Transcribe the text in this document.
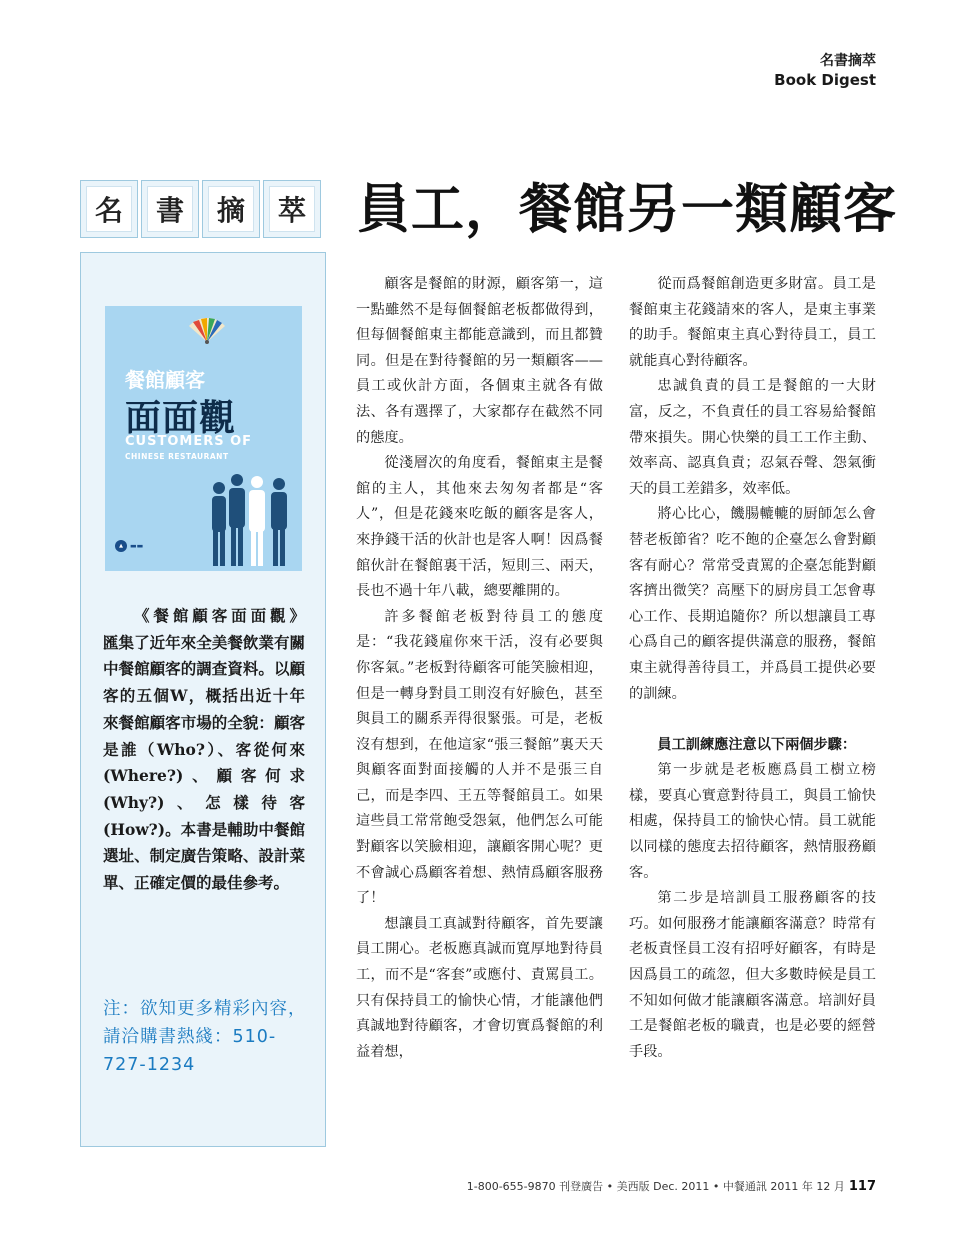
名書摘萃
Book Digest
名	書	摘	萃 員工，餐館另一類顧客
餐館顧客
面面觀
CUSTOMERS OF
CHINESE RESTAURANT
▲	▬▬
《餐館顧客面面觀》
匯集了近年來全美餐飲業有關中餐館顧客的調查資料。以顧客的五個W，概括出近十年來餐館顧客市場的全貌：顧客是誰（Who?）、客從何來(Where?)、顧客何求(Why?)、怎樣待客(How?)。本書是輔助中餐館選址、制定廣告策略、設計菜單、正確定價的最佳參考。
注：欲知更多精彩內容，請洽購書熱綫：510-727-1234

顧客是餐館的財源，顧客第一，這一點雖然不是每個餐館老板都做得到，但每個餐館東主都能意識到，而且都贊同。但是在對待餐館的另一類顧客——員工或伙計方面，各個東主就各有做法、各有選擇了，大家都存在截然不同的態度。

從淺層次的角度看，餐館東主是餐館的主人，其他來去匆匆者都是“客人”，但是花錢來吃飯的顧客是客人，來挣錢干活的伙計也是客人啊！因爲餐館伙計在餐館裏干活，短則三、兩天，長也不過十年八載，總要離開的。

許多餐館老板對待員工的態度是：“我花錢雇你來干活，沒有必要與你客氣。”老板對待顧客可能笑臉相迎，但是一轉身對員工則沒有好臉色，甚至與員工的關系弄得很緊張。可是，老板沒有想到，在他這家“張三餐館”裏天天與顧客面對面接觸的人并不是張三自己，而是李四、王五等餐館員工。如果這些員工常常飽受怨氣，他們怎么可能對顧客以笑臉相迎，讓顧客開心呢？更不會誠心爲顧客着想、熱情爲顧客服務了！

想讓員工真誠對待顧客，首先要讓員工開心。老板應真誠而寬厚地對待員工，而不是“客套”或應付、責罵員工。只有保持員工的愉快心情，才能讓他們真誠地對待顧客，才會切實爲餐館的利益着想，

從而爲餐館創造更多財富。員工是餐館東主花錢請來的客人，是東主事業的助手。餐館東主真心對待員工，員工就能真心對待顧客。

忠誠負責的員工是餐館的一大財富，反之，不負責任的員工容易給餐館帶來損失。開心快樂的員工工作主動、效率高、認真負責；忍氣吞聲、怨氣衝天的員工差錯多，效率低。

將心比心，饑腸轆轆的厨師怎么會替老板節省？吃不飽的企臺怎么會對顧客有耐心？常常受責罵的企臺怎能對顧客擠出微笑？高壓下的厨房員工怎會專心工作、長期追隨你？所以想讓員工專心爲自己的顧客提供滿意的服務，餐館東主就得善待員工，并爲員工提供必要的訓練。

員工訓練應注意以下兩個步驟：

第一步就是老板應爲員工樹立榜樣，要真心實意對待員工，與員工愉快相處，保持員工的愉快心情。員工就能以同樣的態度去招待顧客，熱情服務顧客。

第二步是培訓員工服務顧客的技巧。如何服務才能讓顧客滿意？時常有老板責怪員工沒有招呼好顧客，有時是因爲員工的疏忽，但大多數時候是員工不知如何做才能讓顧客滿意。培訓好員工是餐館老板的職責，也是必要的經營手段。

1-800-655-9870 刊登廣告 • 美西版 Dec. 2011 • 中餐通訊 2011 年 12 月 117
